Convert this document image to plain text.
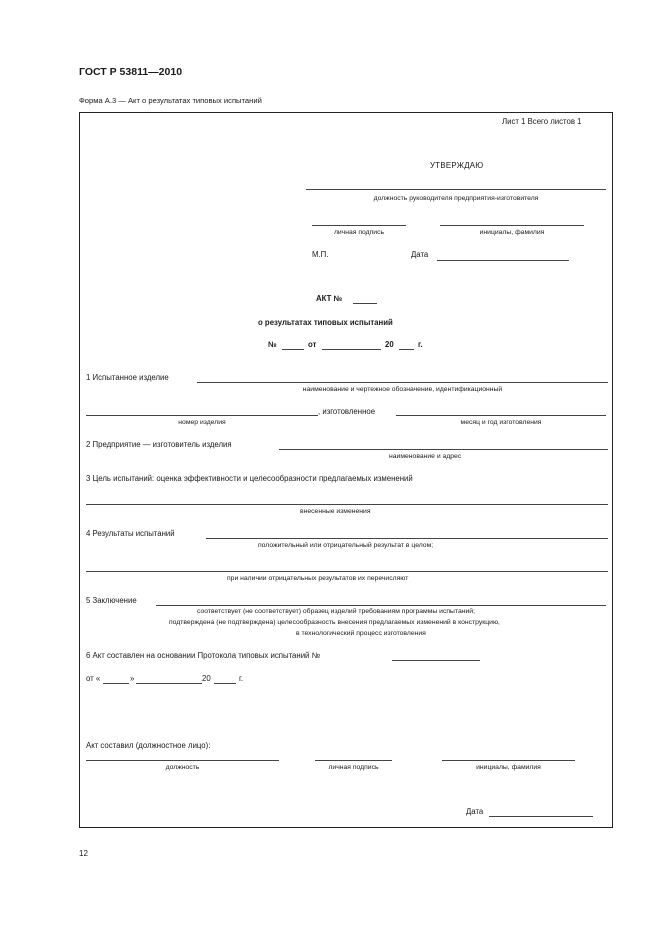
ГОСТ Р 53811—2010
Форма А.3 — Акт о результатах типовых испытаний
Лист 1 Всего листов 1
УТВЕРЖДАЮ
должность руководителя предприятия-изготовителя
личная подпись	инициалы, фамилия
М.П.	Дата
АКТ №
о результатах типовых испытаний
№	от	20	г.
1 Испытанное изделие
наименование и чертежное обозначение, идентификационный
, изготовленное
номер изделия	месяц и год изготовления
2 Предприятие — изготовитель изделия
наименование и адрес
3 Цель испытаний: оценка эффективности и целесообразности предлагаемых изменений
внесенные изменения
4 Результаты испытаний
положительный или отрицательный результат в целом;
при наличии отрицательных результатов их перечисляют
5 Заключение
соответствует (не соответствует) образец изделий требованиям программы испытаний;
подтверждена (не подтверждена) целесообразность внесения предлагаемых изменений в конструкцию,
в технологический процесс изготовления
6 Акт составлен на основании Протокола типовых испытаний №
от «	»	20	г.
Акт составил (должностное лицо):
должность	личная подпись	инициалы, фамилия
Дата
12
